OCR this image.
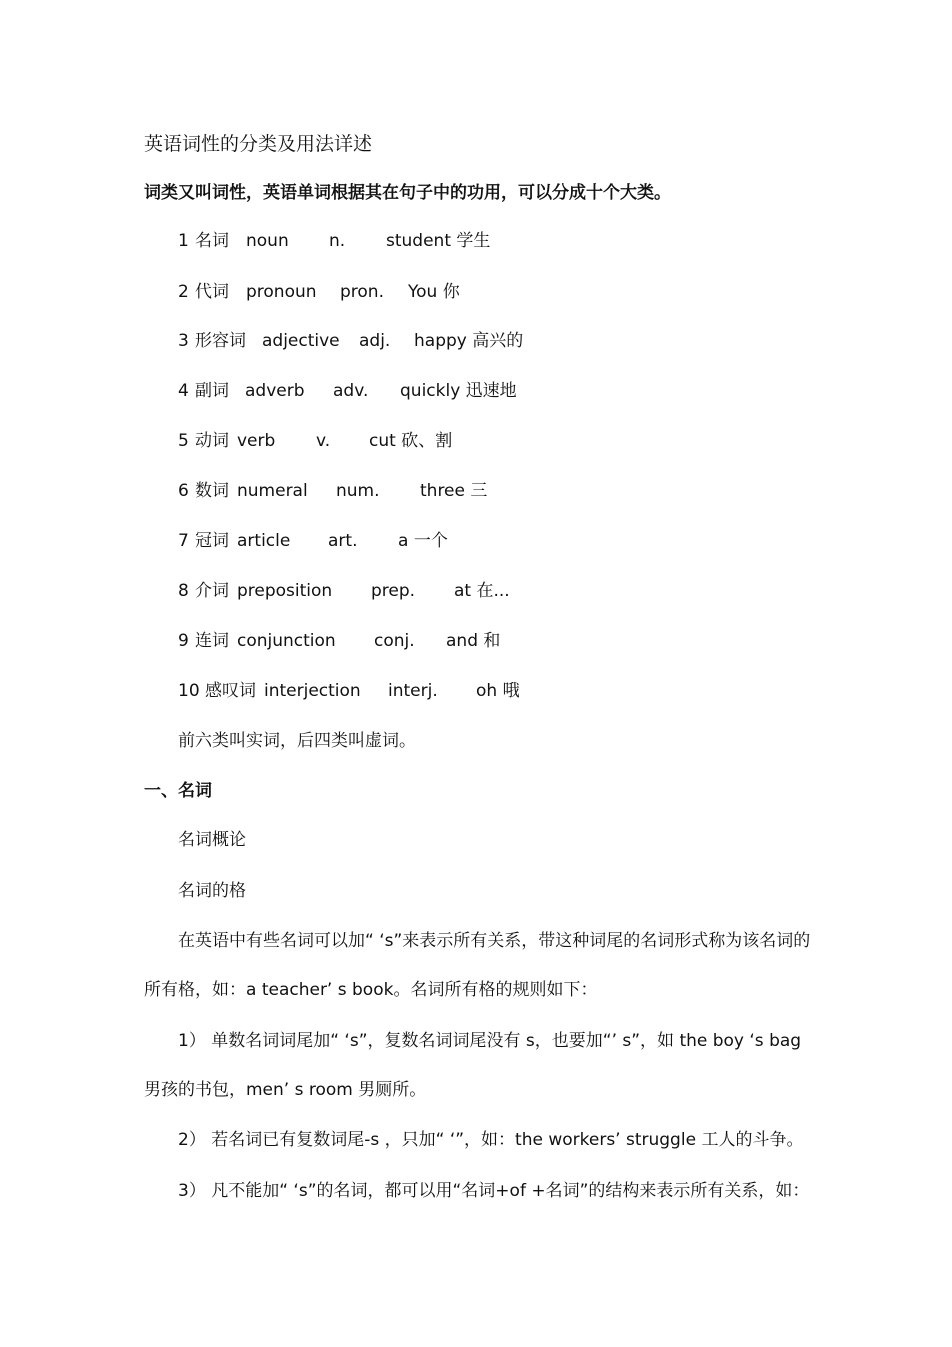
英语词性的分类及用法详述
词类又叫词性，英语单词根据其在句子中的功用，可以分成十个大类。
1 名词 noun n. student 学生
2 代词 pronoun pron. You 你
3 形容词 adjective adj. happy 高兴的
4 副词 adverb adv. quickly 迅速地
5 动词 verb v. cut 砍、割
6 数词 numeral num. three 三
7 冠词 article art. a 一个
8 介词 preposition prep. at 在...
9 连词 conjunction conj. and 和
10 感叹词 interjection interj. oh 哦
前六类叫实词，后四类叫虚词。
一、名词
名词概论
名词的格
在英语中有些名词可以加“ ‘s”来表示所有关系，带这种词尾的名词形式称为该名词的
所有格，如：a teacher’ s book。名词所有格的规则如下：
1） 单数名词词尾加“ ‘s”，复数名词词尾没有 s，也要加“’ s”，如 the boy ‘s bag
男孩的书包，men’ s room 男厕所。
2） 若名词已有复数词尾-s ，只加“ ‘”，如：the workers’ struggle 工人的斗争。
3） 凡不能加“ ‘s”的名词，都可以用“名词+of +名词”的结构来表示所有关系，如：
